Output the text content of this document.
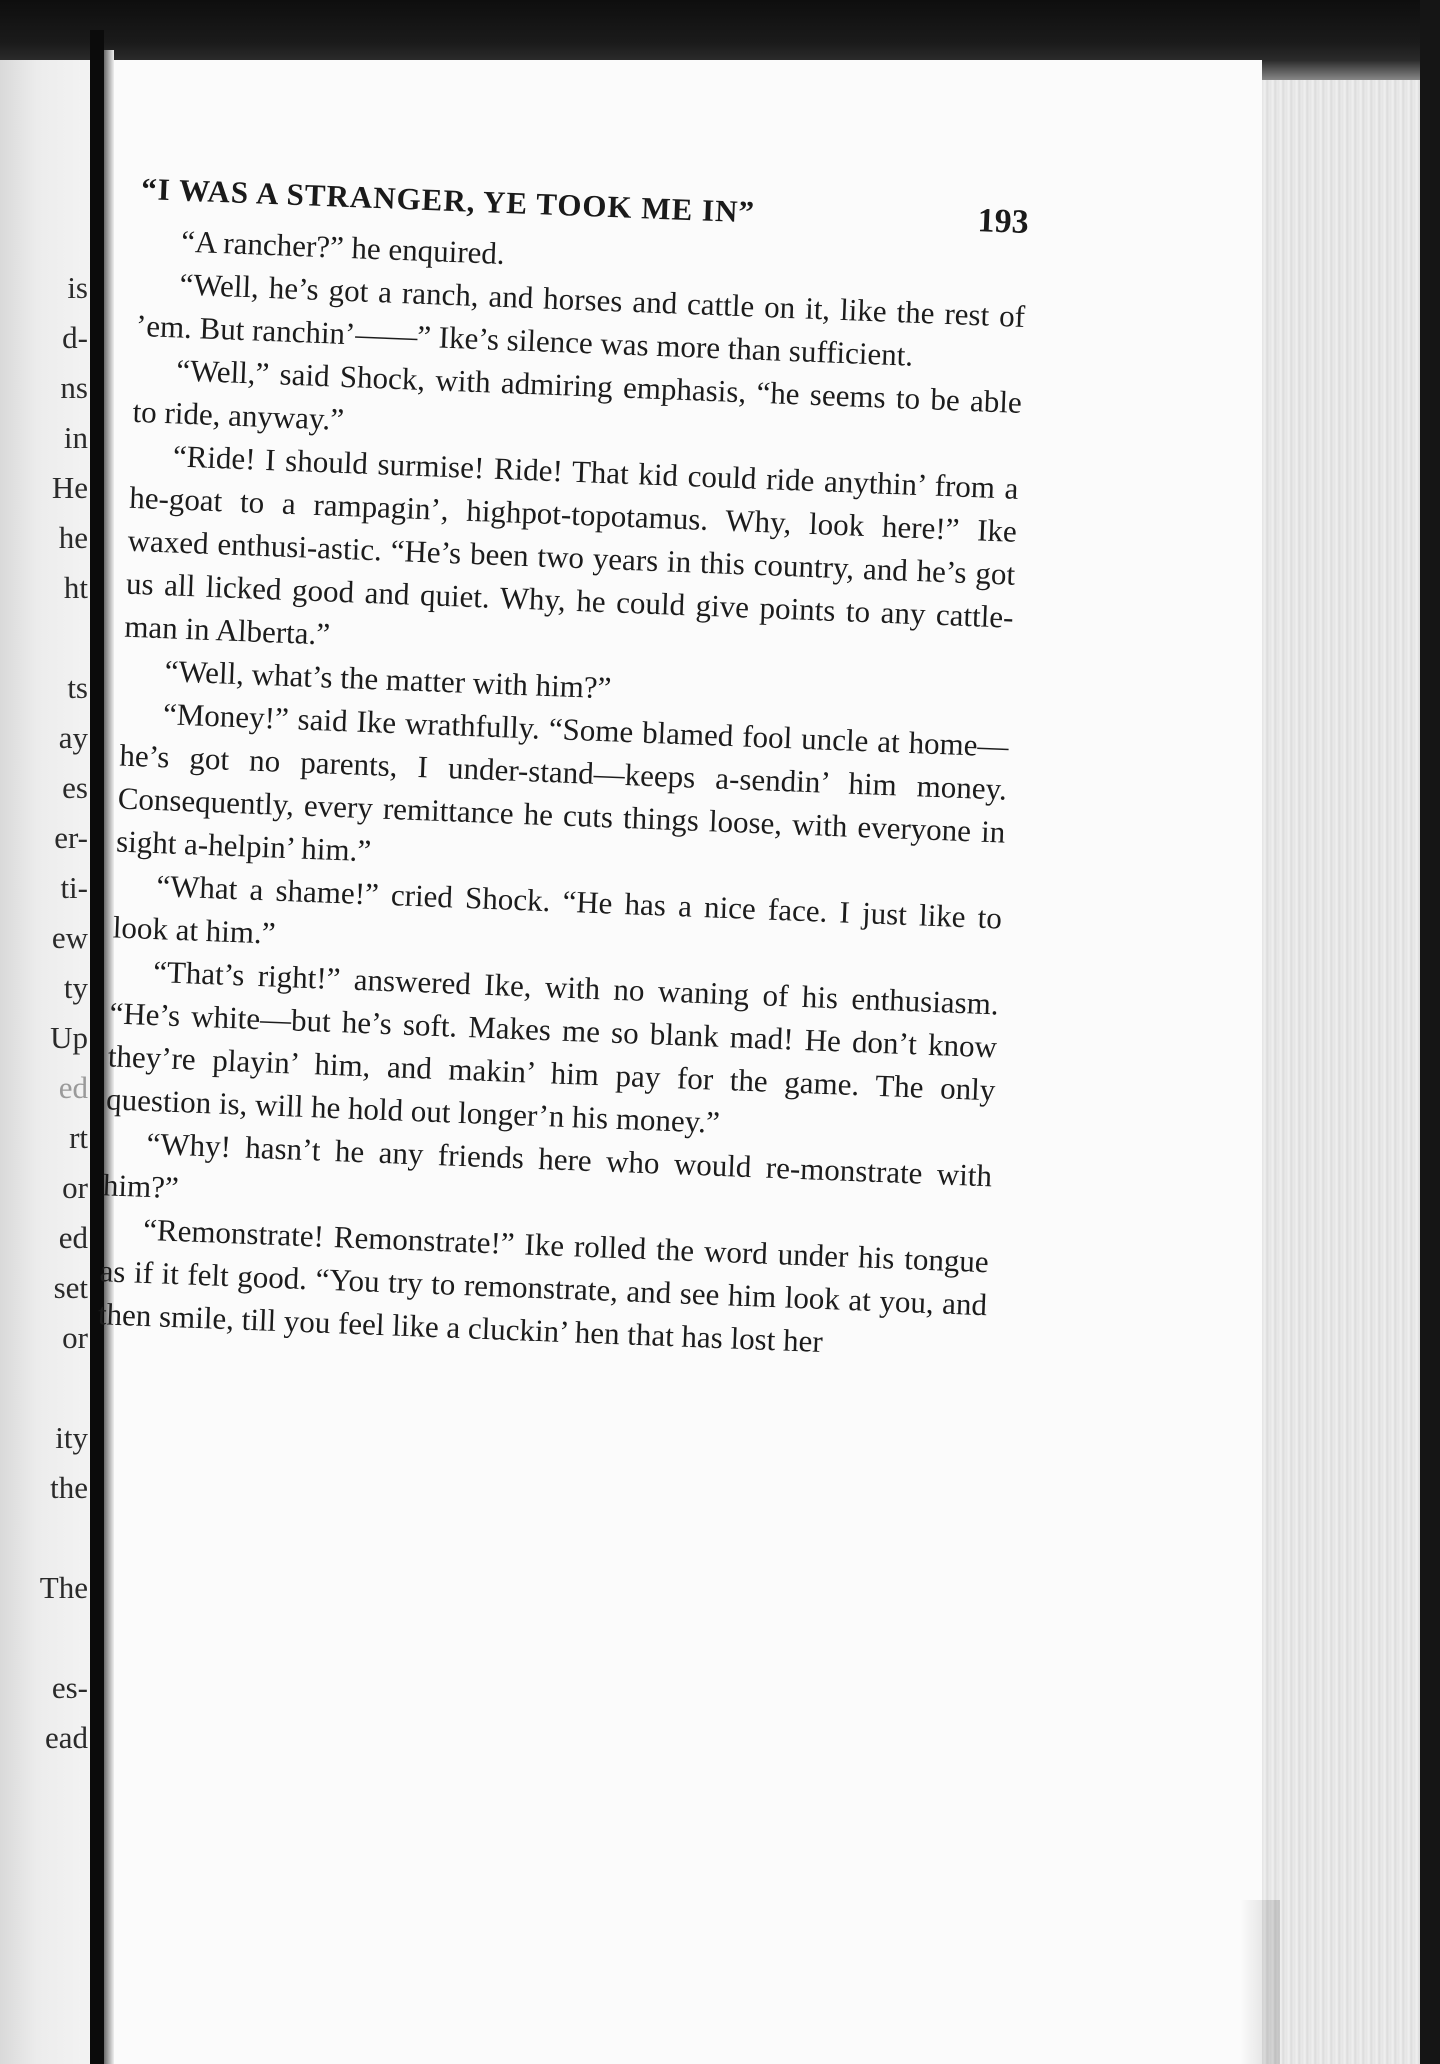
is
d-
ns
in
He
he
ht
ts
ay
es
er-
ti-
ew
ty
Up
ed
rt
or
ed
set
or
ity
the
The
es-
ead
“I WAS A STRANGER, YE TOOK ME IN”	193

“A rancher?” he enquired.

“Well, he’s got a ranch, and horses and cattle on it, like the rest of ’em. But ranchin’——” Ike’s silence was more than sufficient.

“Well,” said Shock, with admiring emphasis, “he seems to be able to ride, anyway.”

“Ride! I should surmise! Ride! That kid could ride anythin’ from a he-goat to a rampagin’, highpot-topotamus. Why, look here!” Ike waxed enthusi-astic. “He’s been two years in this country, and he’s got us all licked good and quiet. Why, he could give points to any cattle-man in Alberta.”

“Well, what’s the matter with him?”

“Money!” said Ike wrathfully. “Some blamed fool uncle at home—he’s got no parents, I under-stand—keeps a-sendin’ him money. Consequently, every remittance he cuts things loose, with everyone in sight a-helpin’ him.”

“What a shame!” cried Shock. “He has a nice face. I just like to look at him.”

“That’s right!” answered Ike, with no waning of his enthusiasm. “He’s white—but he’s soft. Makes me so blank mad! He don’t know they’re playin’ him, and makin’ him pay for the game. The only question is, will he hold out longer’n his money.”

“Why! hasn’t he any friends here who would re-monstrate with him?”

“Remonstrate! Remonstrate!” Ike rolled the word under his tongue as if it felt good. “You try to remonstrate, and see him look at you, and then smile, till you feel like a cluckin’ hen that has lost her
